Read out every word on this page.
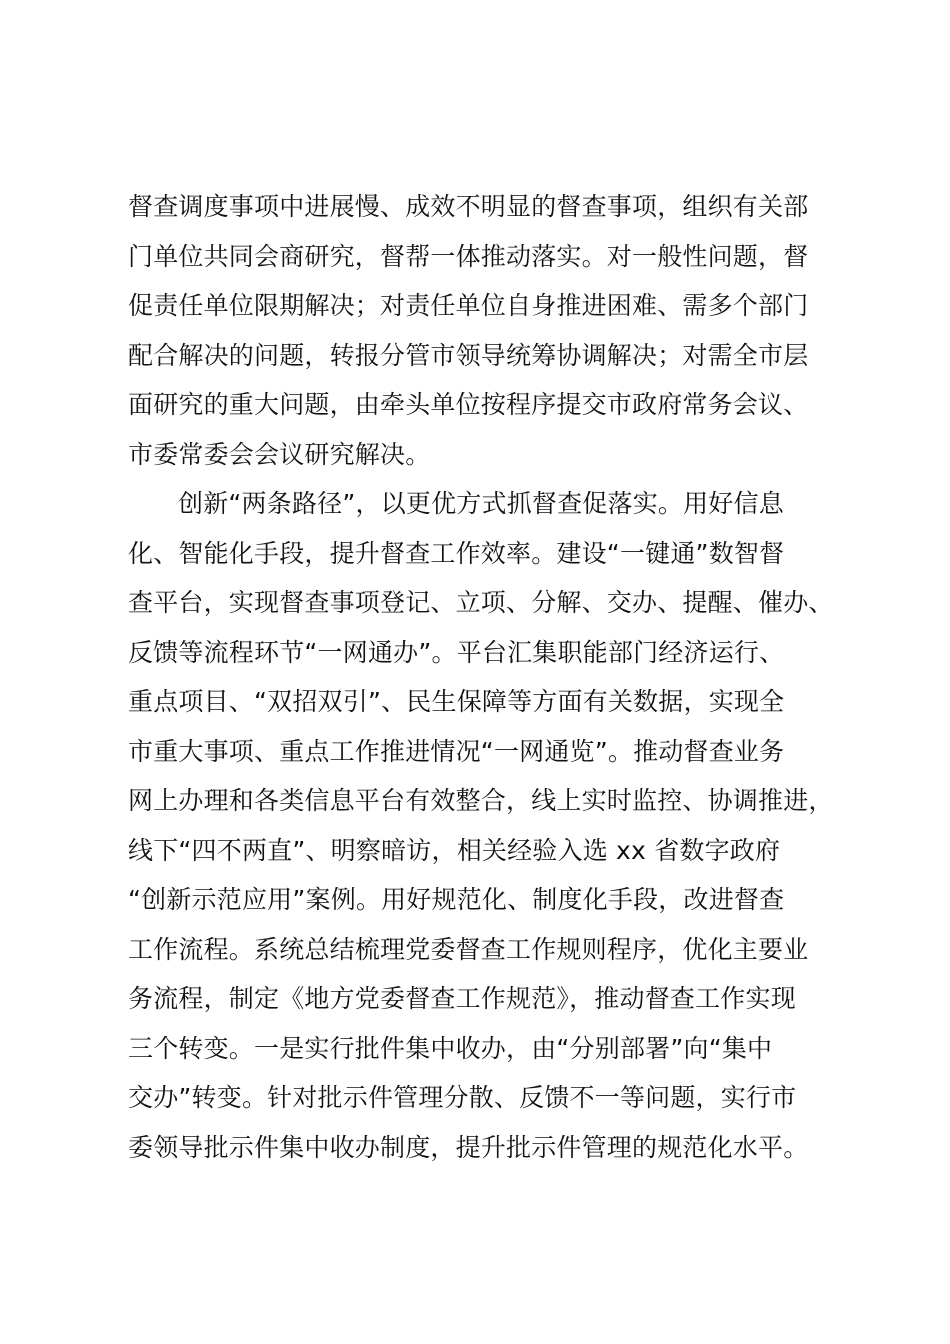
督查调度事项中进展慢、成效不明显的督查事项，组织有关部
门单位共同会商研究，督帮一体推动落实。对一般性问题，督
促责任单位限期解决；对责任单位自身推进困难、需多个部门
配合解决的问题，转报分管市领导统筹协调解决；对需全市层
面研究的重大问题，由牵头单位按程序提交市政府常务会议、
市委常委会会议研究解决。
创新“两条路径”，以更优方式抓督查促落实。用好信息
化、智能化手段，提升督查工作效率。建设“一键通”数智督
查平台，实现督查事项登记、立项、分解、交办、提醒、催办、
反馈等流程环节“一网通办”。平台汇集职能部门经济运行、
重点项目、“双招双引”、民生保障等方面有关数据，实现全
市重大事项、重点工作推进情况“一网通览”。推动督查业务
网上办理和各类信息平台有效整合，线上实时监控、协调推进，
线下“四不两直”、明察暗访，相关经验入选 xx 省数字政府
“创新示范应用”案例。用好规范化、制度化手段，改进督查
工作流程。系统总结梳理党委督查工作规则程序，优化主要业
务流程，制定《地方党委督查工作规范》，推动督查工作实现
三个转变。一是实行批件集中收办，由“分别部署”向“集中
交办”转变。针对批示件管理分散、反馈不一等问题，实行市
委领导批示件集中收办制度，提升批示件管理的规范化水平。
